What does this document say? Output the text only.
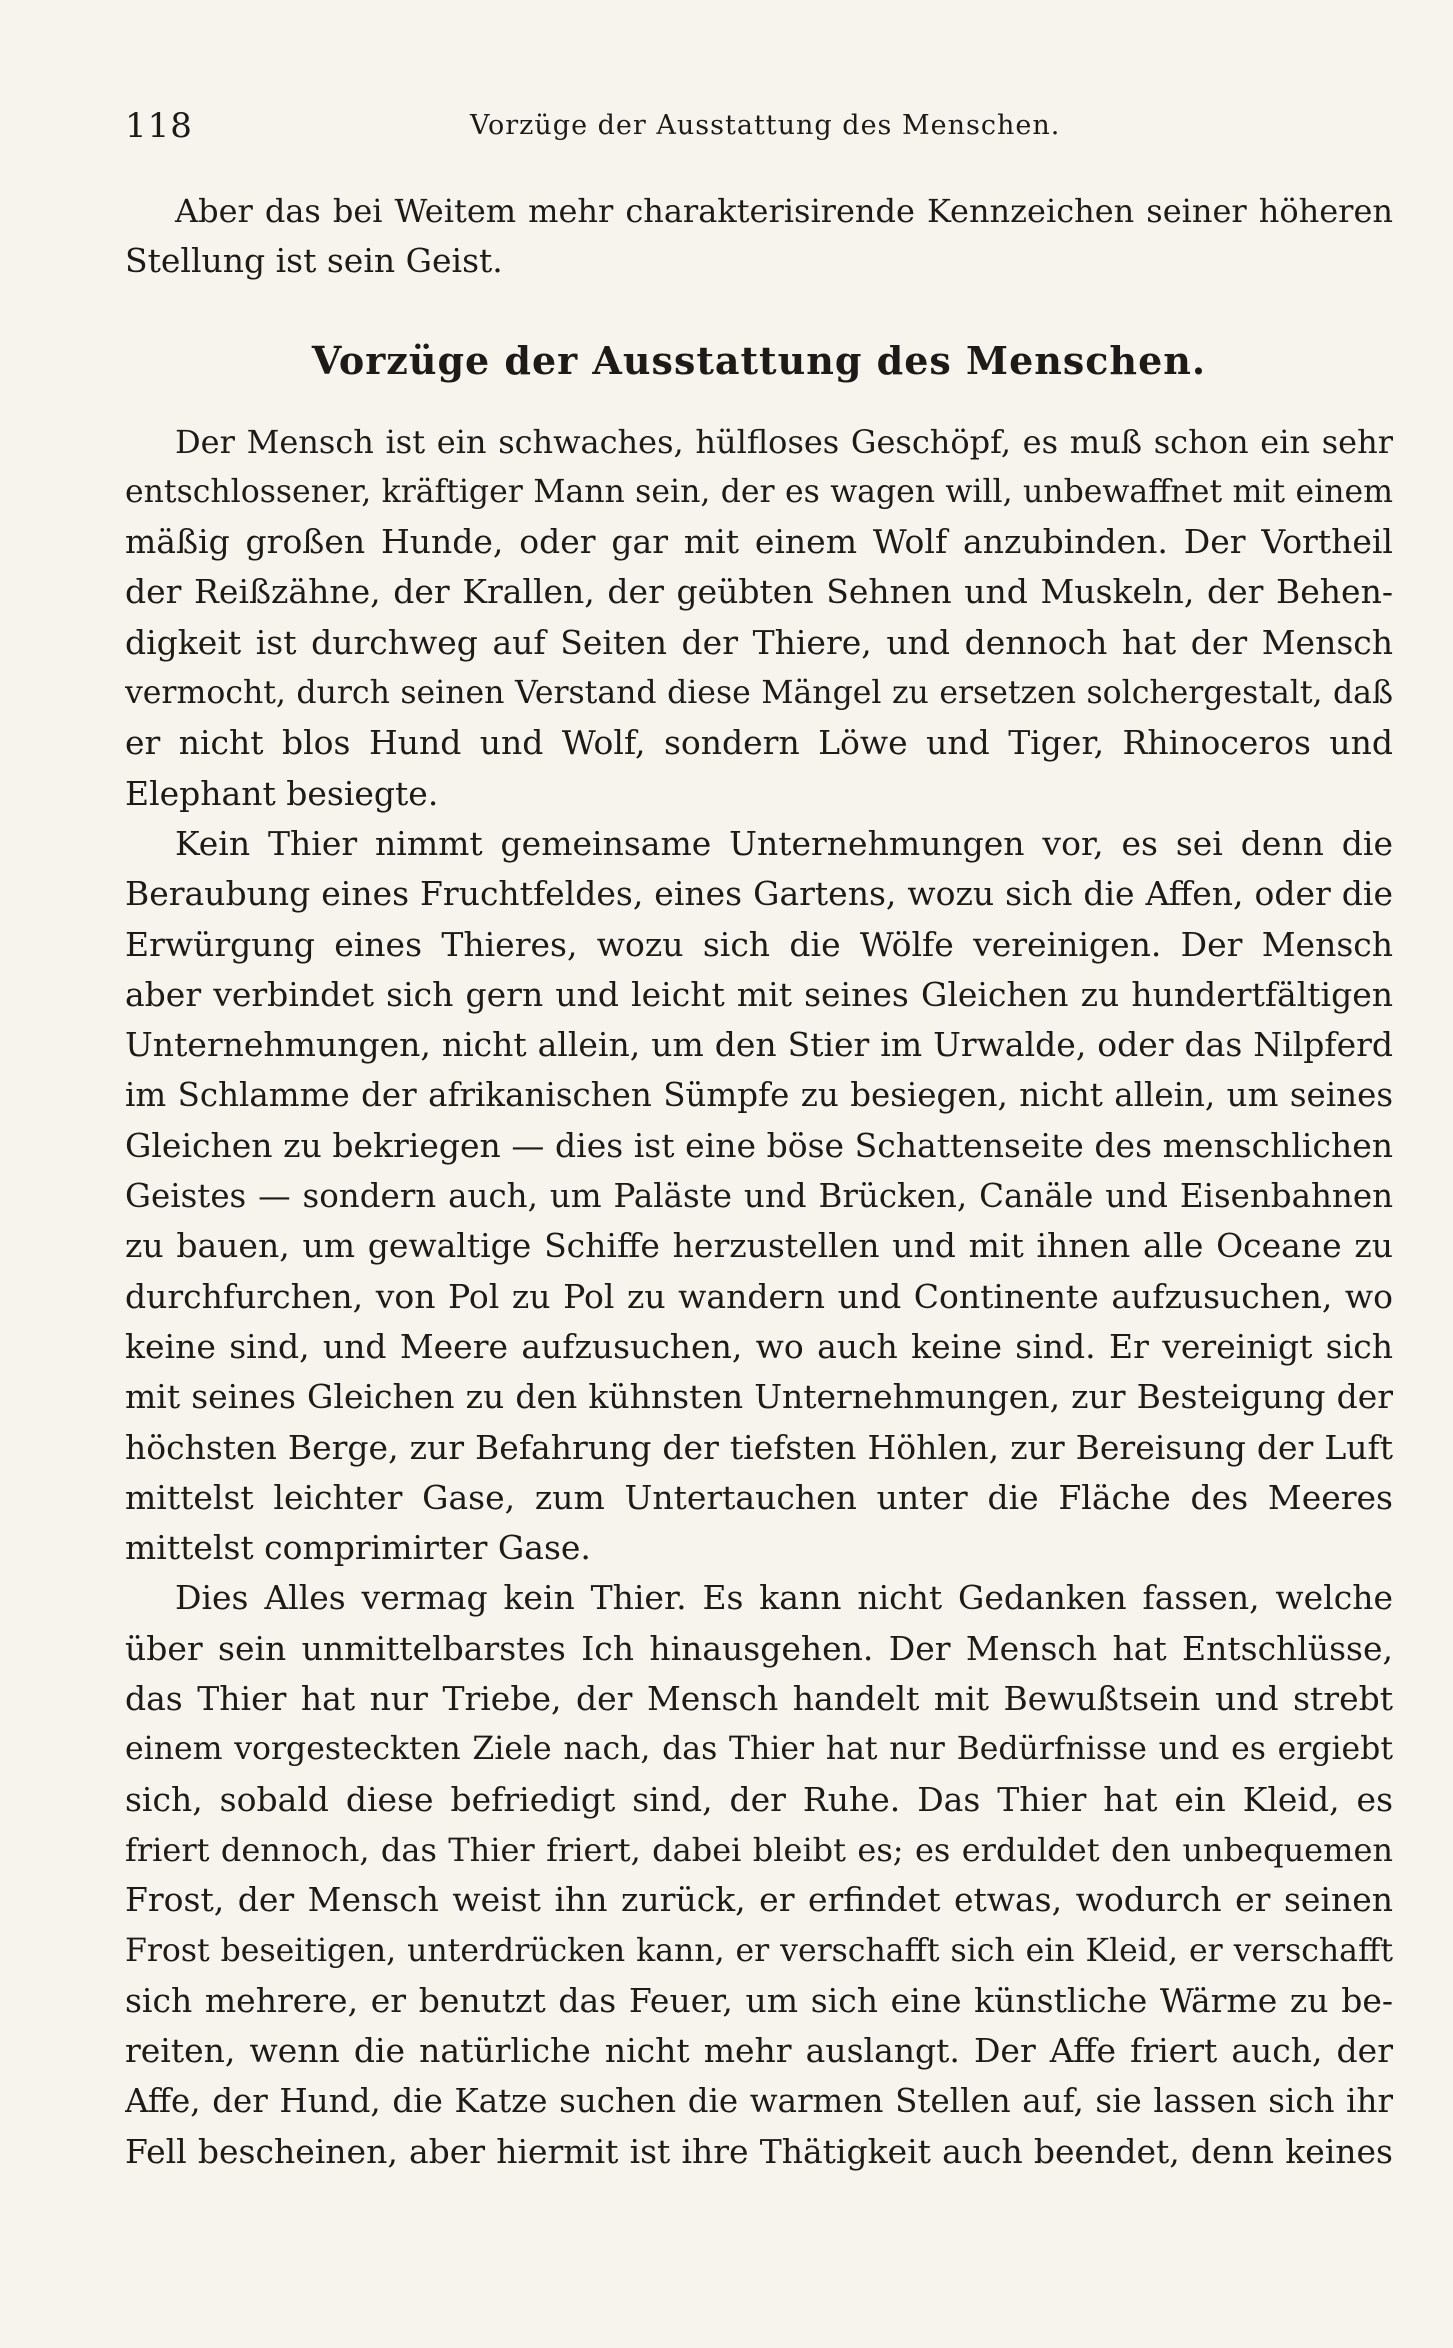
118	Vorzüge der Ausstattung des Menschen.
Aber das bei Weitem mehr charakterisirende Kennzeichen seiner höheren
Stellung ist sein Geist.
Vorzüge der Ausstattung des Menschen.
Der Mensch ist ein schwaches, hülfloses Geschöpf, es muß schon ein sehr
entschlossener, kräftiger Mann sein, der es wagen will, unbewaffnet mit einem
mäßig großen Hunde, oder gar mit einem Wolf anzubinden. Der Vortheil
der Reißzähne, der Krallen, der geübten Sehnen und Muskeln, der Behen-
digkeit ist durchweg auf Seiten der Thiere, und dennoch hat der Mensch
vermocht, durch seinen Verstand diese Mängel zu ersetzen solchergestalt, daß
er nicht blos Hund und Wolf, sondern Löwe und Tiger, Rhinoceros und
Elephant besiegte.
Kein Thier nimmt gemeinsame Unternehmungen vor, es sei denn die
Beraubung eines Fruchtfeldes, eines Gartens, wozu sich die Affen, oder die
Erwürgung eines Thieres, wozu sich die Wölfe vereinigen. Der Mensch
aber verbindet sich gern und leicht mit seines Gleichen zu hundertfältigen
Unternehmungen, nicht allein, um den Stier im Urwalde, oder das Nilpferd
im Schlamme der afrikanischen Sümpfe zu besiegen, nicht allein, um seines
Gleichen zu bekriegen — dies ist eine böse Schattenseite des menschlichen
Geistes — sondern auch, um Paläste und Brücken, Canäle und Eisenbahnen
zu bauen, um gewaltige Schiffe herzustellen und mit ihnen alle Oceane zu
durchfurchen, von Pol zu Pol zu wandern und Continente aufzusuchen, wo
keine sind, und Meere aufzusuchen, wo auch keine sind. Er vereinigt sich
mit seines Gleichen zu den kühnsten Unternehmungen, zur Besteigung der
höchsten Berge, zur Befahrung der tiefsten Höhlen, zur Bereisung der Luft
mittelst leichter Gase, zum Untertauchen unter die Fläche des Meeres
mittelst comprimirter Gase.
Dies Alles vermag kein Thier. Es kann nicht Gedanken fassen, welche
über sein unmittelbarstes Ich hinausgehen. Der Mensch hat Entschlüsse,
das Thier hat nur Triebe, der Mensch handelt mit Bewußtsein und strebt
einem vorgesteckten Ziele nach, das Thier hat nur Bedürfnisse und es ergiebt
sich, sobald diese befriedigt sind, der Ruhe. Das Thier hat ein Kleid, es
friert dennoch, das Thier friert, dabei bleibt es; es erduldet den unbequemen
Frost, der Mensch weist ihn zurück, er erfindet etwas, wodurch er seinen
Frost beseitigen, unterdrücken kann, er verschafft sich ein Kleid, er verschafft
sich mehrere, er benutzt das Feuer, um sich eine künstliche Wärme zu be-
reiten, wenn die natürliche nicht mehr auslangt. Der Affe friert auch, der
Affe, der Hund, die Katze suchen die warmen Stellen auf, sie lassen sich ihr
Fell bescheinen, aber hiermit ist ihre Thätigkeit auch beendet, denn keines
